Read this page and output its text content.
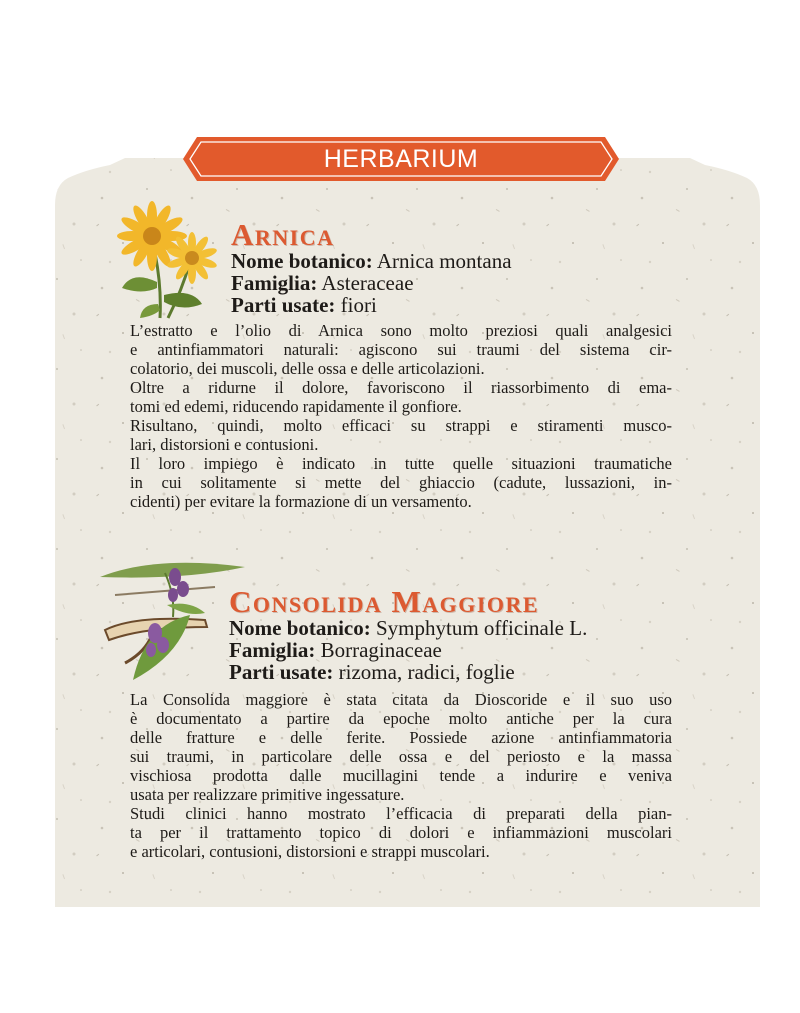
HERBARIUM
Arnica
Nome botanico: Arnica montana
Famiglia: Asteraceae
Parti usate: fiori
L’estratto e l’olio di Arnica sono molto preziosi quali analgesici
e antinfiammatori naturali: agiscono sui traumi del sistema cir-
colatorio, dei muscoli, delle ossa e delle articolazioni.
Oltre a ridurne il dolore, favoriscono il riassorbimento di ema-
tomi ed edemi, riducendo rapidamente il gonfiore.
Risultano, quindi, molto efficaci su strappi e stiramenti musco-
lari, distorsioni e contusioni.
Il loro impiego è indicato in tutte quelle situazioni traumatiche
in cui solitamente si mette del ghiaccio (cadute, lussazioni, in-
cidenti) per evitare la formazione di un versamento.
Consolida Maggiore
Nome botanico: Symphytum officinale L.
Famiglia: Borraginaceae
Parti usate: rizoma, radici, foglie
La Consolida maggiore è stata citata da Dioscoride e il suo uso
è documentato a partire da epoche molto antiche per la cura
delle fratture e delle ferite. Possiede azione antinfiammatoria
sui traumi, in particolare delle ossa e del periosto e la massa
vischiosa prodotta dalle mucillagini tende a indurire e veniva
usata per realizzare primitive ingessature.
Studi clinici hanno mostrato l’efficacia di preparati della pian-
ta per il trattamento topico di dolori e infiammazioni muscolari
e articolari, contusioni, distorsioni e strappi muscolari.
